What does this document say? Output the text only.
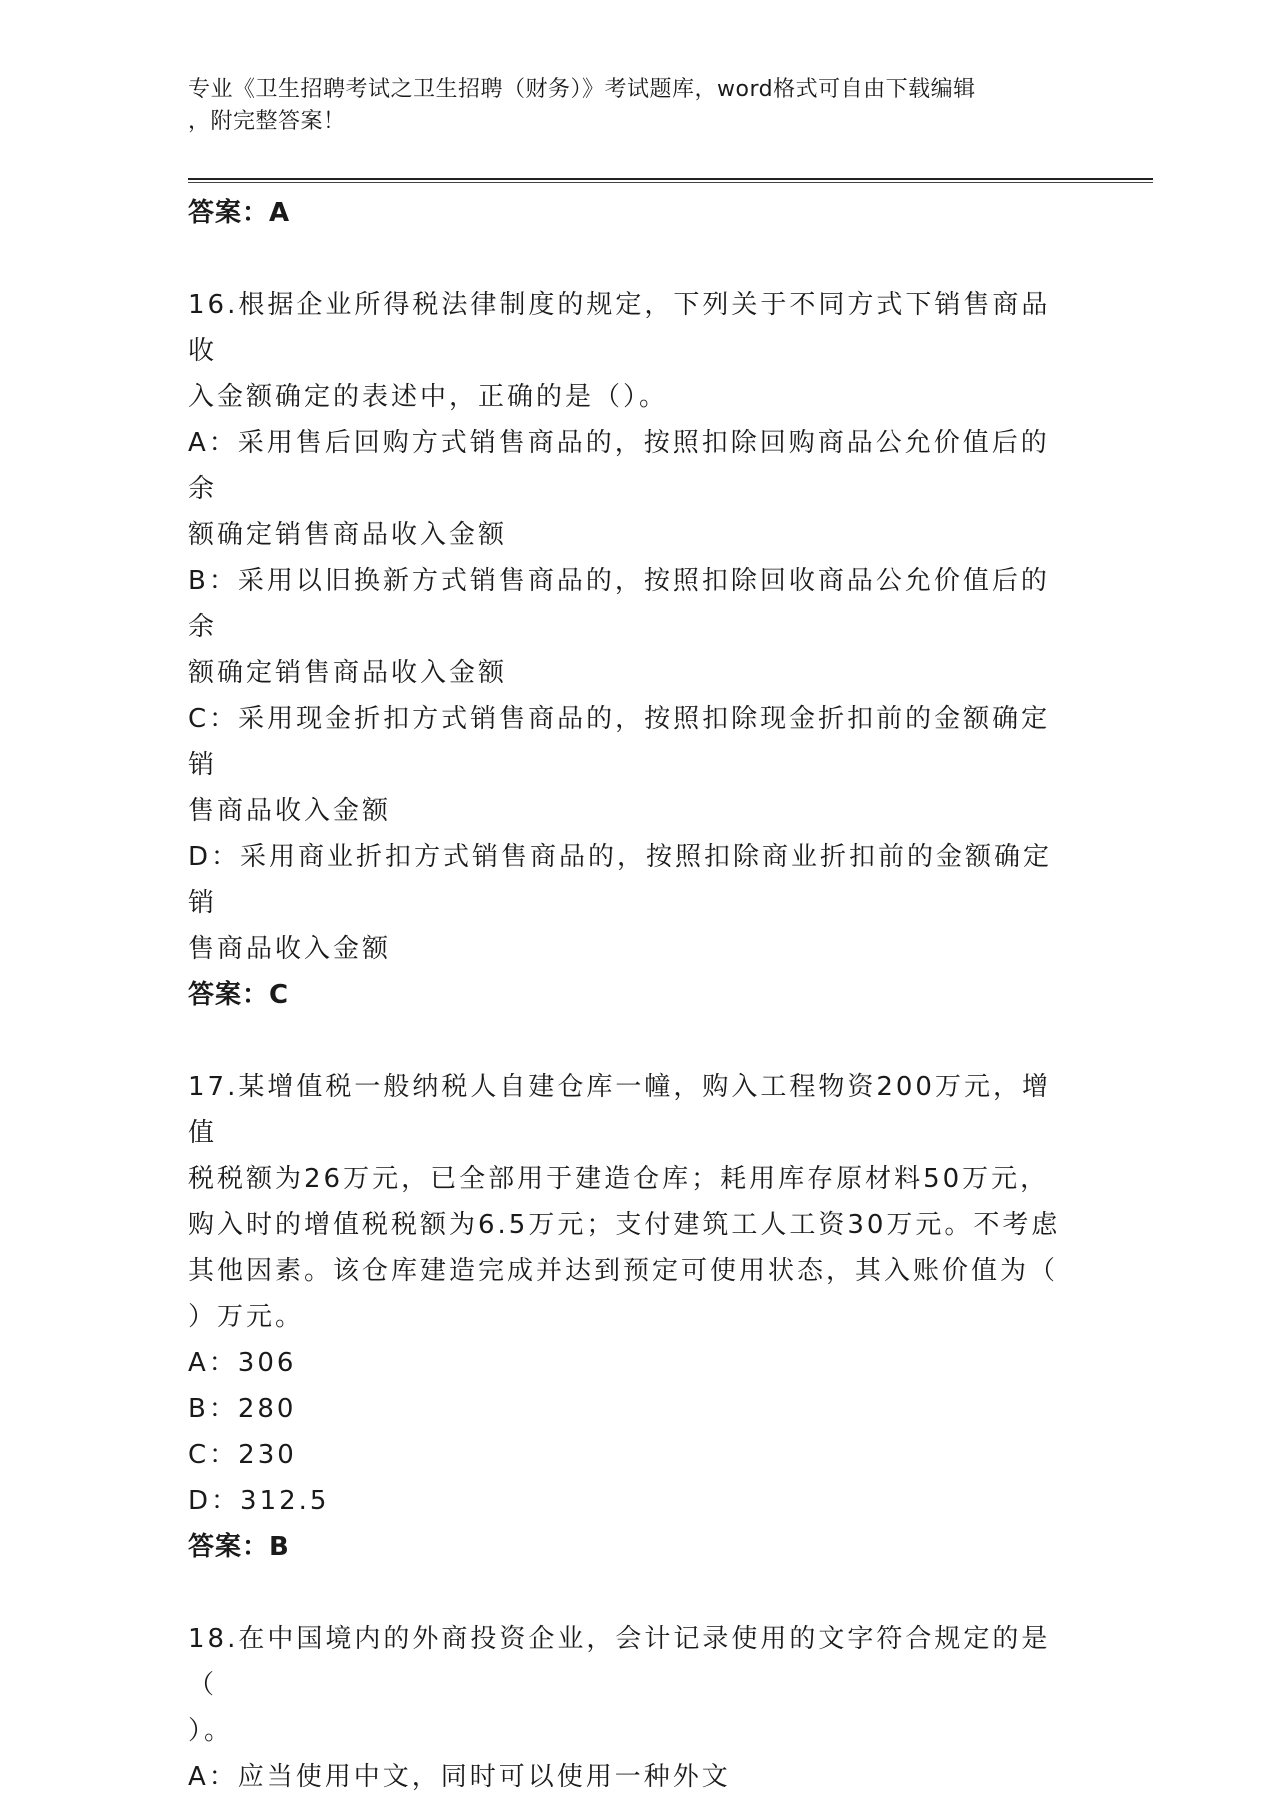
专业《卫生招聘考试之卫生招聘（财务）》考试题库，word格式可自由下载编辑
，附完整答案！
答案：A
16.根据企业所得税法律制度的规定，下列关于不同方式下销售商品收
入金额确定的表述中，正确的是（）。
A：采用售后回购方式销售商品的，按照扣除回购商品公允价值后的余
额确定销售商品收入金额
B：采用以旧换新方式销售商品的，按照扣除回收商品公允价值后的余
额确定销售商品收入金额
C：采用现金折扣方式销售商品的，按照扣除现金折扣前的金额确定销
售商品收入金额
D：采用商业折扣方式销售商品的，按照扣除商业折扣前的金额确定销
售商品收入金额
答案：C
17.某增值税一般纳税人自建仓库一幢，购入工程物资200万元，增值
税税额为26万元，已全部用于建造仓库；耗用库存原材料50万元，
购入时的增值税税额为6.5万元；支付建筑工人工资30万元。不考虑
其他因素。该仓库建造完成并达到预定可使用状态，其入账价值为（
）万元。
A：306
B：280
C：230
D：312.5
答案：B
18.在中国境内的外商投资企业，会计记录使用的文字符合规定的是（
）。
A：应当使用中文，同时可以使用一种外文
